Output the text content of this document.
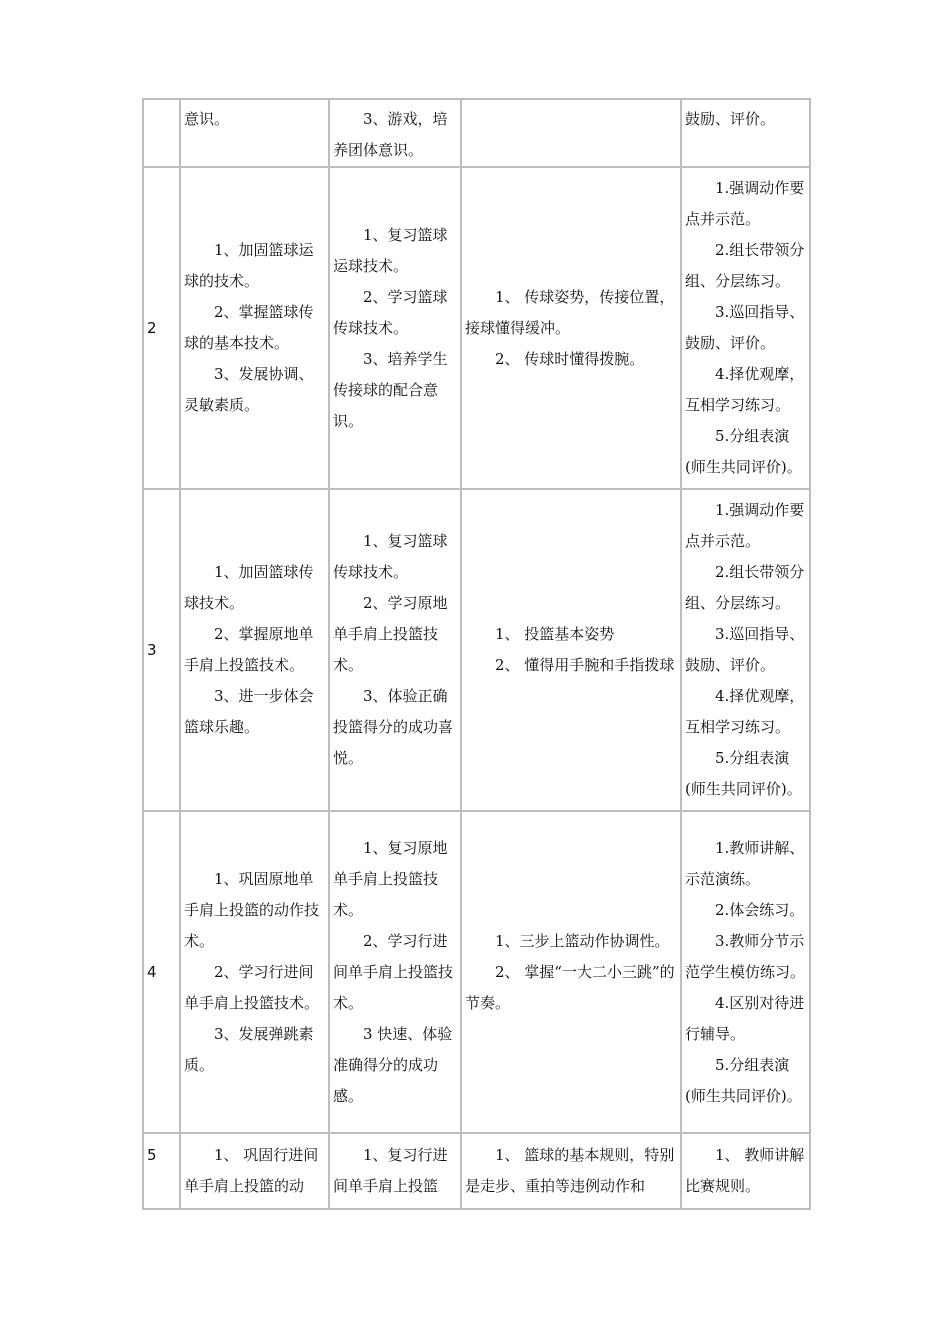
	意识。	3、游戏，培养团体意识。		鼓励、评价。

2	1、加固篮球运球的技术。
2、掌握篮球传球的基本技术。
3、发展协调、灵敏素质。	1、复习篮球运球技术。
2、学习篮球传球技术。
3、培养学生传接球的配合意识。	1、 传球姿势，传接位置，接球懂得缓冲。
2、 传球时懂得拨腕。	1.强调动作要点并示范。
2.组长带领分组、分层练习。
3.巡回指导、鼓励、评价。
4.择优观摩，互相学习练习。
5.分组表演(师生共同评价)。

3	1、加固篮球传球技术。
2、掌握原地单手肩上投篮技术。
3、进一步体会篮球乐趣。	1、复习篮球传球技术。
2、学习原地单手肩上投篮技术。
3、体验正确投篮得分的成功喜悦。	1、 投篮基本姿势
2、 懂得用手腕和手指拨球	1.强调动作要点并示范。
2.组长带领分组、分层练习。
3.巡回指导、鼓励、评价。
4.择优观摩，互相学习练习。
5.分组表演(师生共同评价)。

4	1、巩固原地单手肩上投篮的动作技术。
2、学习行进间单手肩上投篮技术。
3、发展弹跳素质。	1、复习原地单手肩上投篮技术。
2、学习行进间单手肩上投篮技术。
3 快速、体验准确得分的成功感。	1、三步上篮动作协调性。
2、 掌握“一大二小三跳”的节奏。	1.教师讲解、示范演练。
2.体会练习。
3.教师分节示范学生模仿练习。
4.区别对待进行辅导。
5.分组表演(师生共同评价)。

5	1、 巩固行进间单手肩上投篮的动	1、复习行进间单手肩上投篮	1、 篮球的基本规则，特别是走步、重拍等违例动作和	1、 教师讲解比赛规则。
